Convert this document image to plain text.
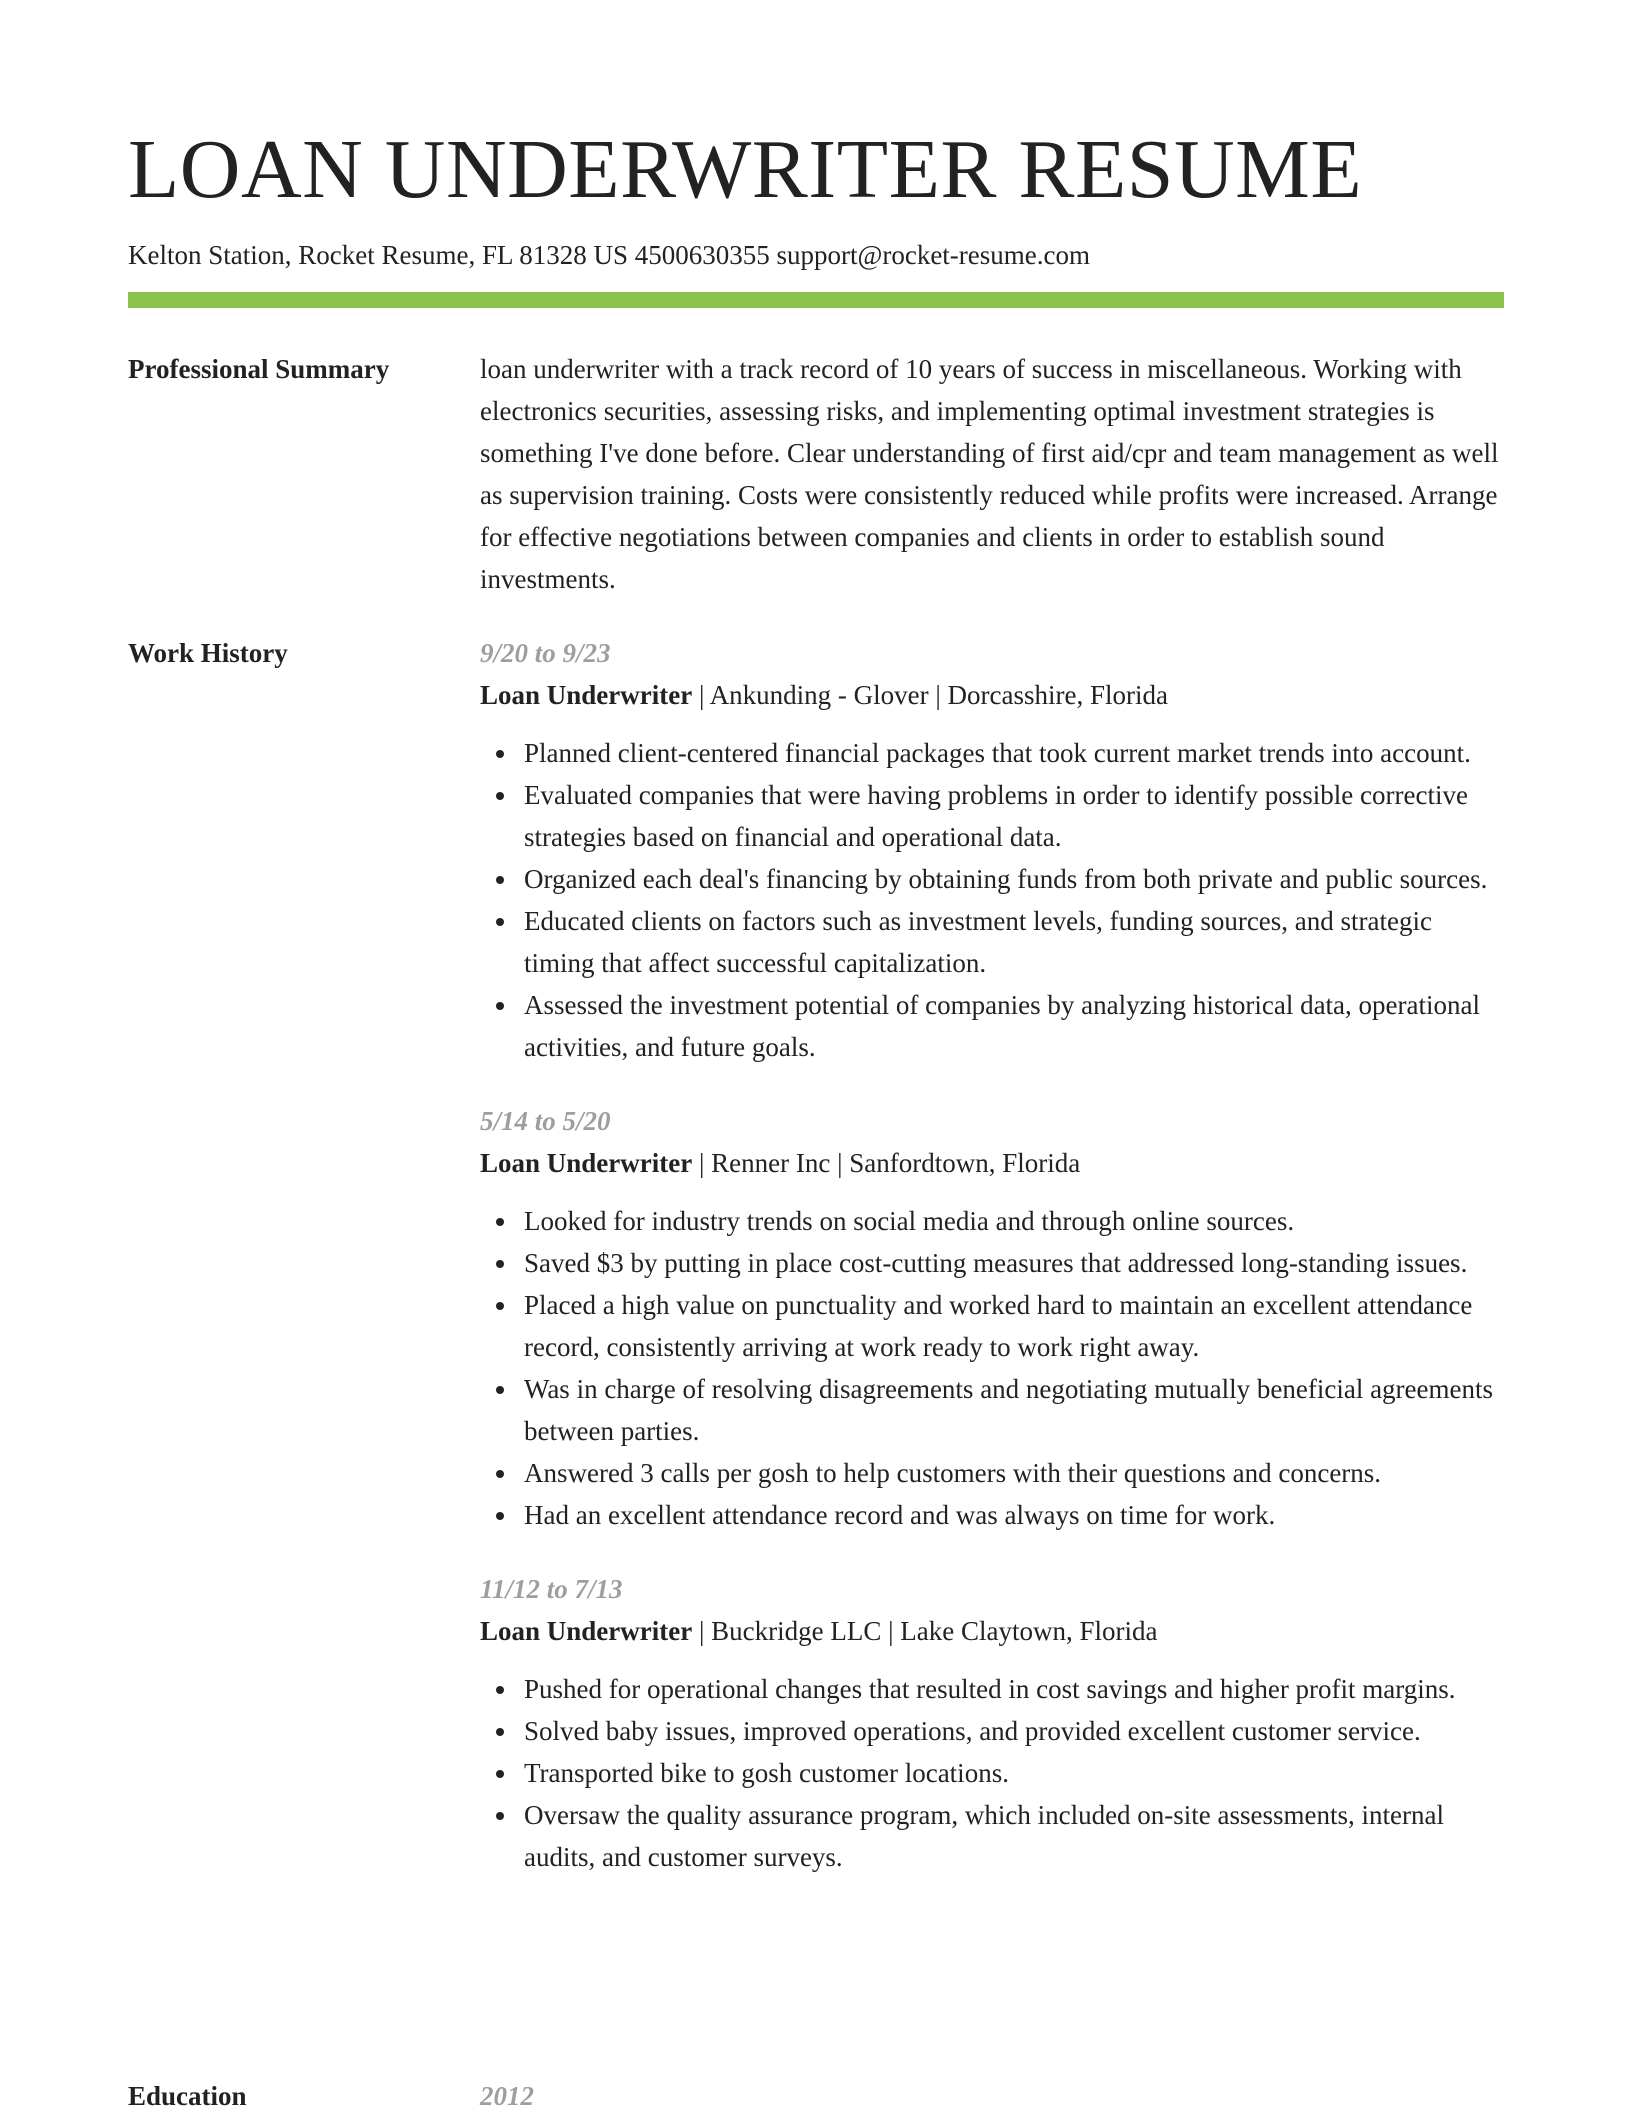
LOAN UNDERWRITER RESUME
Kelton Station, Rocket Resume, FL 81328 US 4500630355 support@rocket-resume.com
Professional Summary	loan underwriter with a track record of 10 years of success in miscellaneous. Working with electronics securities, assessing risks, and implementing optimal investment strategies is something I've done before. Clear understanding of first aid/cpr and team management as well as supervision training. Costs were consistently reduced while profits were increased. Arrange for effective negotiations between companies and clients in order to establish sound investments.

Work History	9/20 to 9/23
Loan Underwriter | Ankunding - Glover | Dorcasshire, Florida
Planned client-centered financial packages that took current market trends into account.
Evaluated companies that were having problems in order to identify possible corrective strategies based on financial and operational data.
Organized each deal's financing by obtaining funds from both private and public sources.
Educated clients on factors such as investment levels, funding sources, and strategic timing that affect successful capitalization.
Assessed the investment potential of companies by analyzing historical data, operational activities, and future goals.
5/14 to 5/20
Loan Underwriter | Renner Inc | Sanfordtown, Florida
Looked for industry trends on social media and through online sources.
Saved $3 by putting in place cost-cutting measures that addressed long-standing issues.
Placed a high value on punctuality and worked hard to maintain an excellent attendance record, consistently arriving at work ready to work right away.
Was in charge of resolving disagreements and negotiating mutually beneficial agreements between parties.
Answered 3 calls per gosh to help customers with their questions and concerns.
Had an excellent attendance record and was always on time for work.
11/12 to 7/13
Loan Underwriter | Buckridge LLC | Lake Claytown, Florida
Pushed for operational changes that resulted in cost savings and higher profit margins.
Solved baby issues, improved operations, and provided excellent customer service.
Transported bike to gosh customer locations.
Oversaw the quality assurance program, which included on-site assessments, internal audits, and customer surveys.
Education	2012
